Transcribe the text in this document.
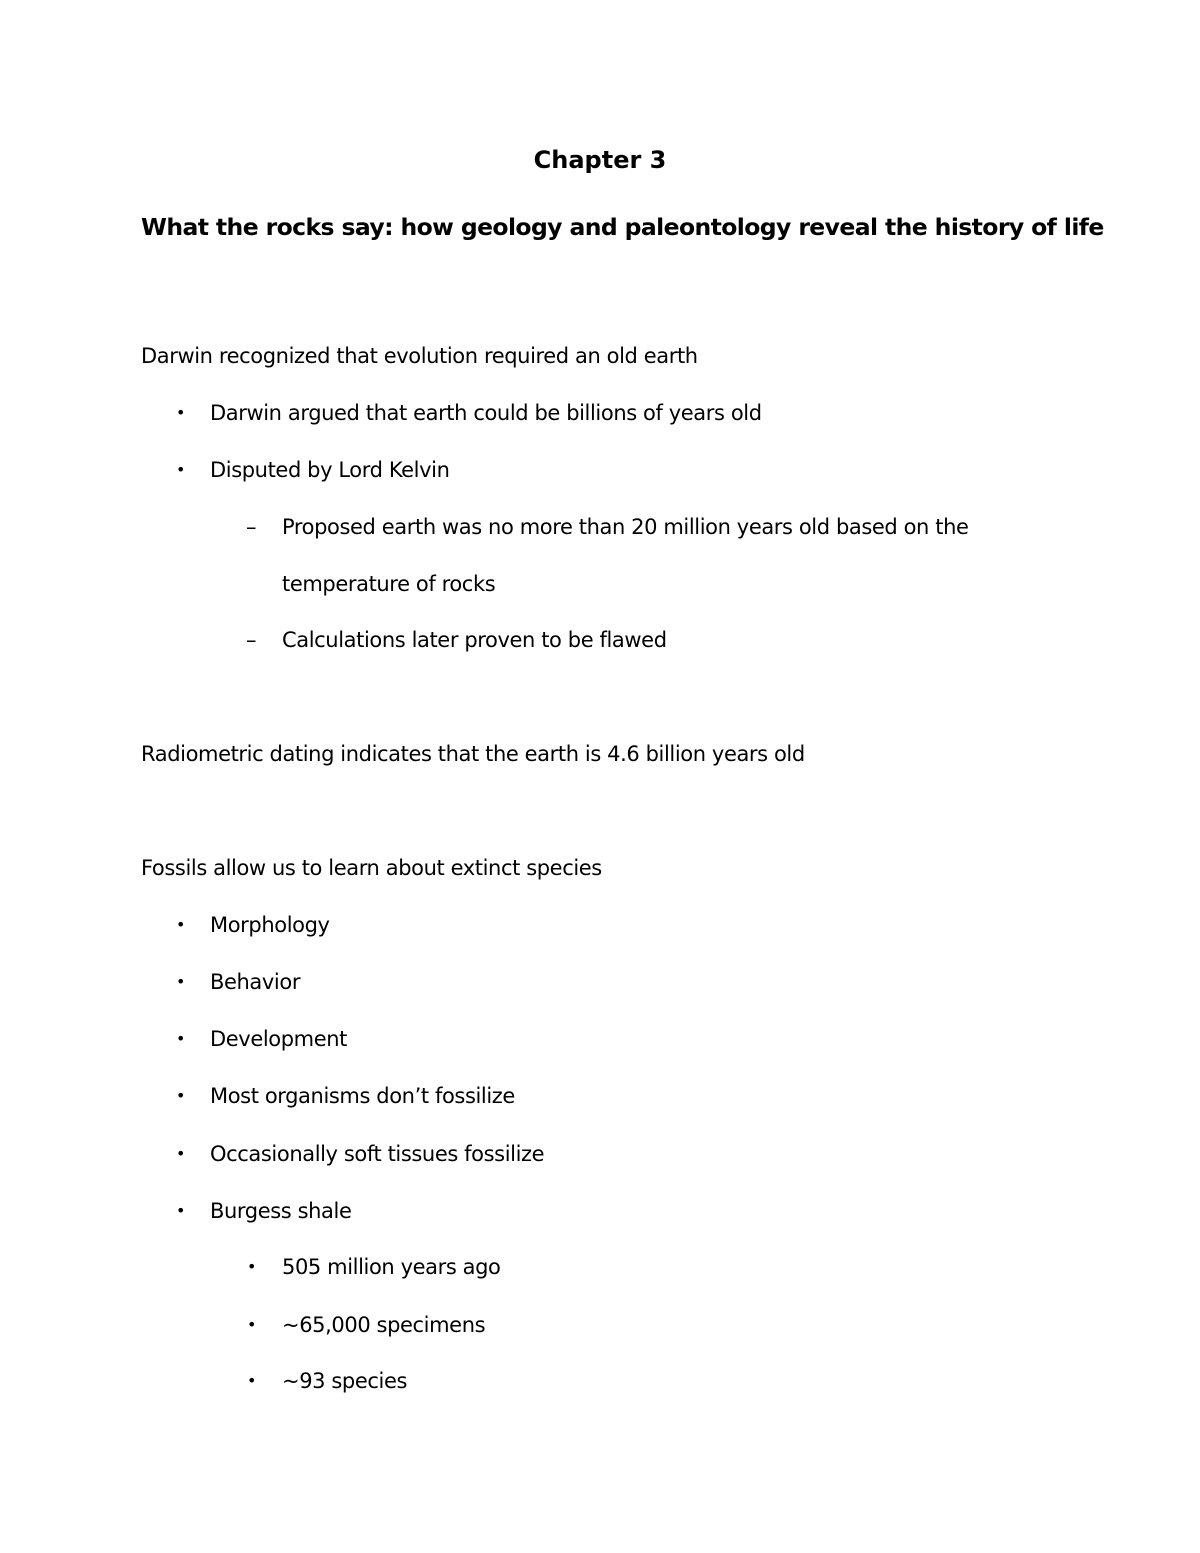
Chapter 3
What the rocks say: how geology and paleontology reveal the history of life
Darwin recognized that evolution required an old earth
• Darwin argued that earth could be billions of years old
• Disputed by Lord Kelvin
– Proposed earth was no more than 20 million years old based on the
temperature of rocks
– Calculations later proven to be flawed
Radiometric dating indicates that the earth is 4.6 billion years old
Fossils allow us to learn about extinct species
• Morphology
• Behavior
• Development
• Most organisms don’t fossilize
• Occasionally soft tissues fossilize
• Burgess shale
• 505 million years ago
• ~65,000 specimens
• ~93 species
